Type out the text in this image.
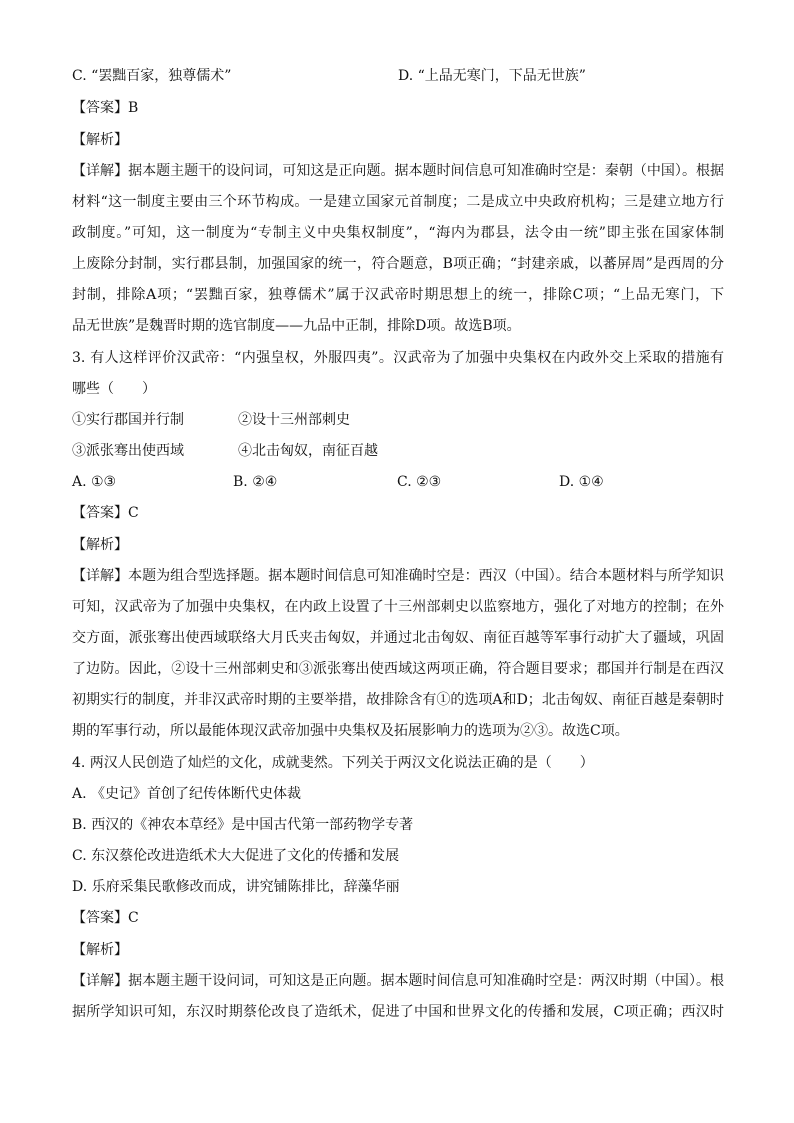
C. “罢黜百家，独尊儒术”	D. “上品无寒门，下品无世族”
【答案】B
【解析】
【详解】据本题主题干的设问词，可知这是正向题。据本题时间信息可知准确时空是：秦朝（中国）。根据
材料“这一制度主要由三个环节构成。一是建立国家元首制度；二是成立中央政府机构；三是建立地方行
政制度。”可知，这一制度为“专制主义中央集权制度”，“海内为郡县，法令由一统”即主张在国家体制
上废除分封制，实行郡县制，加强国家的统一，符合题意，B项正确；“封建亲戚，以蕃屏周”是西周的分
封制，排除A项；“罢黜百家，独尊儒术”属于汉武帝时期思想上的统一，排除C项；“上品无寒门，下
品无世族”是魏晋时期的选官制度——九品中正制，排除D项。故选B项。
3. 有人这样评价汉武帝：“内强皇权，外服四夷”。汉武帝为了加强中央集权在内政外交上采取的措施有
哪些（　　）
①实行郡国并行制	②设十三州部刺史
③派张骞出使西域	④北击匈奴，南征百越
A. ①③	B. ②④	C. ②③	D. ①④
【答案】C
【解析】
【详解】本题为组合型选择题。据本题时间信息可知准确时空是：西汉（中国）。结合本题材料与所学知识
可知，汉武帝为了加强中央集权，在内政上设置了十三州部刺史以监察地方，强化了对地方的控制；在外
交方面，派张骞出使西域联络大月氏夹击匈奴，并通过北击匈奴、南征百越等军事行动扩大了疆域，巩固
了边防。因此，②设十三州部刺史和③派张骞出使西域这两项正确，符合题目要求；郡国并行制是在西汉
初期实行的制度，并非汉武帝时期的主要举措，故排除含有①的选项A和D；北击匈奴、南征百越是秦朝时
期的军事行动，所以最能体现汉武帝加强中央集权及拓展影响力的选项为②③。故选C项。
4. 两汉人民创造了灿烂的文化，成就斐然。下列关于两汉文化说法正确的是（　　）
A. 《史记》首创了纪传体断代史体裁
B. 西汉的《神农本草经》是中国古代第一部药物学专著
C. 东汉蔡伦改进造纸术大大促进了文化的传播和发展
D. 乐府采集民歌修改而成，讲究铺陈排比，辞藻华丽
【答案】C
【解析】
【详解】据本题主题干设问词，可知这是正向题。据本题时间信息可知准确时空是：两汉时期（中国）。根
据所学知识可知，东汉时期蔡伦改良了造纸术，促进了中国和世界文化的传播和发展，C项正确；西汉时
